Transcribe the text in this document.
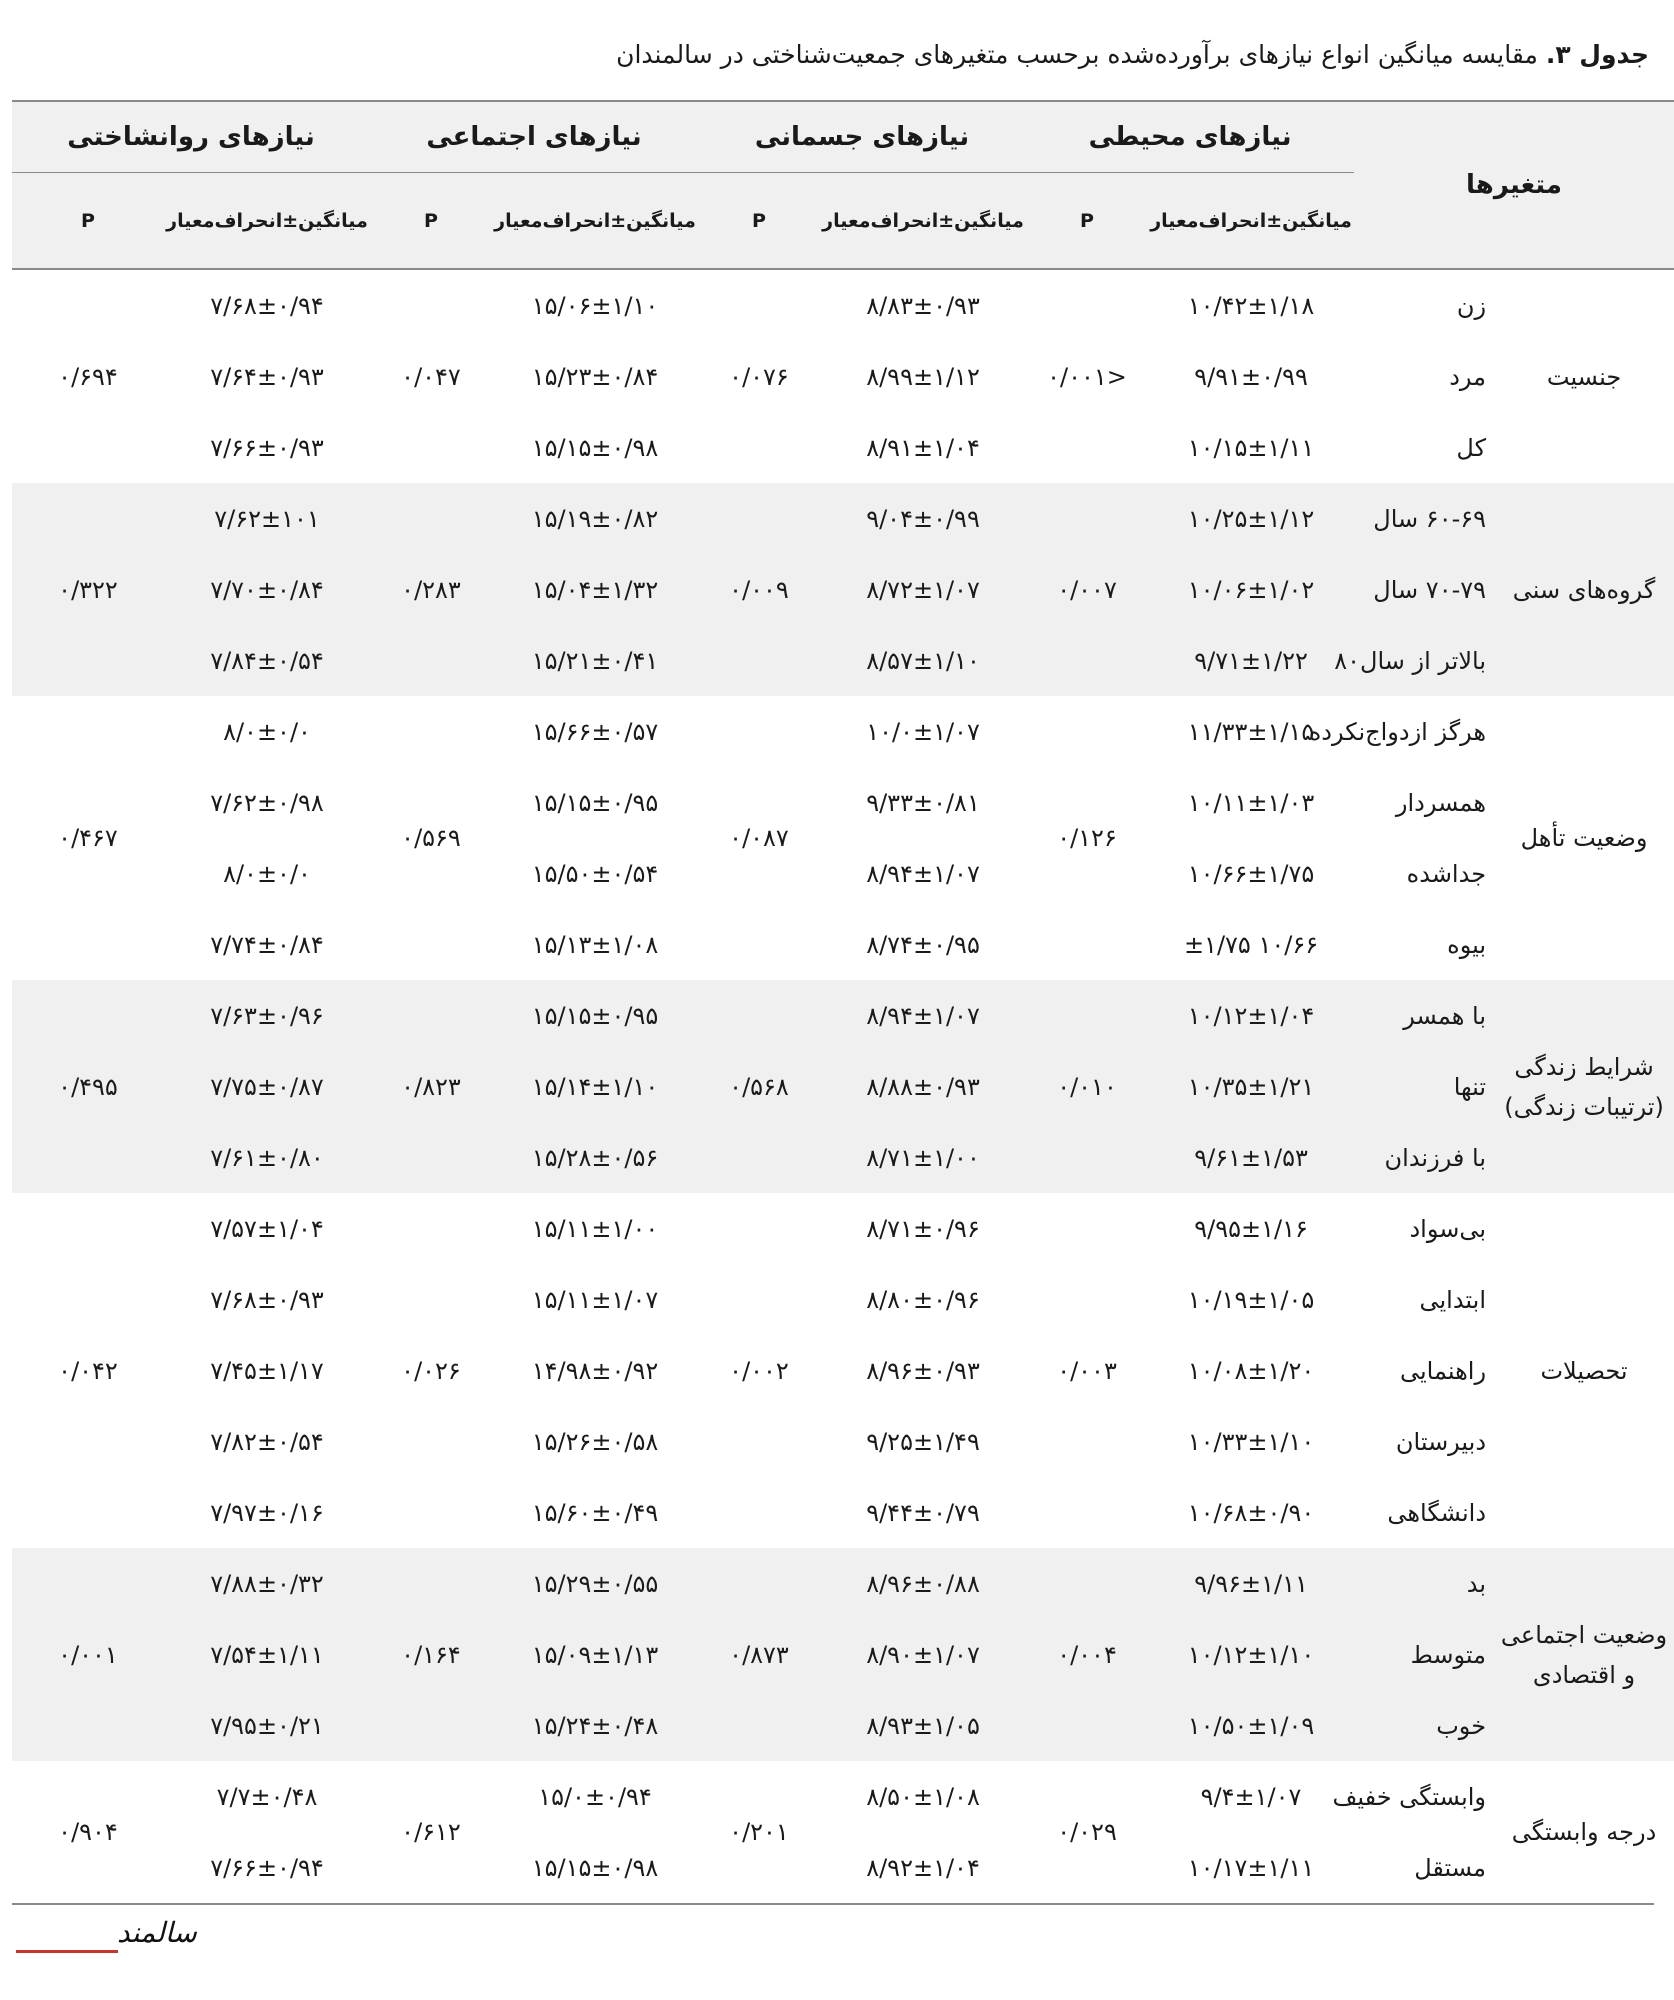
جدول ۳. مقایسه میانگین انواع نیازهای برآورده‌شده برحسب متغیرهای جمعیت‌شناختی در سالمندان
متغیرها		نیازهای محیطی		نیازهای جسمانی		نیازهای اجتماعی		نیازهای روانشاختی	
		میانگین±انحراف‌معیار	P	میانگین±انحراف‌معیار	P	میانگین±انحراف‌معیار	P	میانگین±انحراف‌معیار	P
جنسیت	زن	۱۰/۴۲±۱/۱۸	<۰/۰۰۱	۸/۸۳±۰/۹۳	۰/۰۷۶	۱۵/۰۶±۱/۱۰	۰/۰۴۷	۷/۶۸±۰/۹۴	۰/۶۹۴
	مرد	۹/۹۱±۰/۹۹		۸/۹۹±۱/۱۲		۱۵/۲۳±۰/۸۴		۷/۶۴±۰/۹۳	
	کل	۱۰/۱۵±۱/۱۱		۸/۹۱±۱/۰۴		۱۵/۱۵±۰/۹۸		۷/۶۶±۰/۹۳	
گروه‌های سنی	۶۰-۶۹ سال	۱۰/۲۵±۱/۱۲	۰/۰۰۷	۹/۰۴±۰/۹۹	۰/۰۰۹	۱۵/۱۹±۰/۸۲	۰/۲۸۳	۷/۶۲±۱۰۱	۰/۳۲۲
	۷۰-۷۹ سال	۱۰/۰۶±۱/۰۲		۸/۷۲±۱/۰۷		۱۵/۰۴±۱/۳۲		۷/۷۰±۰/۸۴	
	بالاتر از سال۸۰	۹/۷۱±۱/۲۲		۸/۵۷±۱/۱۰		۱۵/۲۱±۰/۴۱		۷/۸۴±۰/۵۴	
وضعیت تأهل	هرگز ازدواج‌نکرده	۱۱/۳۳±۱/۱۵	۰/۱۲۶	۱۰/۰±۱/۰۷	۰/۰۸۷	۱۵/۶۶±۰/۵۷	۰/۵۶۹	۸/۰±۰/۰	۰/۴۶۷
	همسردار	۱۰/۱۱±۱/۰۳		۹/۳۳±۰/۸۱		۱۵/۱۵±۰/۹۵		۷/۶۲±۰/۹۸	
	جداشده	۱۰/۶۶±۱/۷۵		۸/۹۴±۱/۰۷		۱۵/۵۰±۰/۵۴		۸/۰±۰/۰	
	بیوه	۱۰/۶۶ ±۱/۷۵		۸/۷۴±۰/۹۵		۱۵/۱۳±۱/۰۸		۷/۷۴±۰/۸۴	
شرایط زندگی (ترتیبات زندگی)	با همسر	۱۰/۱۲±۱/۰۴	۰/۰۱۰	۸/۹۴±۱/۰۷	۰/۵۶۸	۱۵/۱۵±۰/۹۵	۰/۸۲۳	۷/۶۳±۰/۹۶	۰/۴۹۵
	تنها	۱۰/۳۵±۱/۲۱		۸/۸۸±۰/۹۳		۱۵/۱۴±۱/۱۰		۷/۷۵±۰/۸۷	
	با فرزندان	۹/۶۱±۱/۵۳		۸/۷۱±۱/۰۰		۱۵/۲۸±۰/۵۶		۷/۶۱±۰/۸۰	
تحصیلات	بی‌سواد	۹/۹۵±۱/۱۶	۰/۰۰۳	۸/۷۱±۰/۹۶	۰/۰۰۲	۱۵/۱۱±۱/۰۰	۰/۰۲۶	۷/۵۷±۱/۰۴	۰/۰۴۲
	ابتدایی	۱۰/۱۹±۱/۰۵		۸/۸۰±۰/۹۶		۱۵/۱۱±۱/۰۷		۷/۶۸±۰/۹۳	
	راهنمایی	۱۰/۰۸±۱/۲۰		۸/۹۶±۰/۹۳		۱۴/۹۸±۰/۹۲		۷/۴۵±۱/۱۷	
	دبیرستان	۱۰/۳۳±۱/۱۰		۹/۲۵±۱/۴۹		۱۵/۲۶±۰/۵۸		۷/۸۲±۰/۵۴	
	دانشگاهی	۱۰/۶۸±۰/۹۰		۹/۴۴±۰/۷۹		۱۵/۶۰±۰/۴۹		۷/۹۷±۰/۱۶	
وضعیت اجتماعی و اقتصادی	بد	۹/۹۶±۱/۱۱	۰/۰۰۴	۸/۹۶±۰/۸۸	۰/۸۷۳	۱۵/۲۹±۰/۵۵	۰/۱۶۴	۷/۸۸±۰/۳۲	۰/۰۰۱
	متوسط	۱۰/۱۲±۱/۱۰		۸/۹۰±۱/۰۷		۱۵/۰۹±۱/۱۳		۷/۵۴±۱/۱۱	
	خوب	۱۰/۵۰±۱/۰۹		۸/۹۳±۱/۰۵		۱۵/۲۴±۰/۴۸		۷/۹۵±۰/۲۱	
درجه وابستگی	وابستگی خفیف	۹/۴±۱/۰۷	۰/۰۲۹	۸/۵۰±۱/۰۸	۰/۲۰۱	۱۵/۰±۰/۹۴	۰/۶۱۲	۷/۷±۰/۴۸	۰/۹۰۴
	مستقل	۱۰/۱۷±۱/۱۱		۸/۹۲±۱/۰۴		۱۵/۱۵±۰/۹۸		۷/۶۶±۰/۹۴	
سالمند
